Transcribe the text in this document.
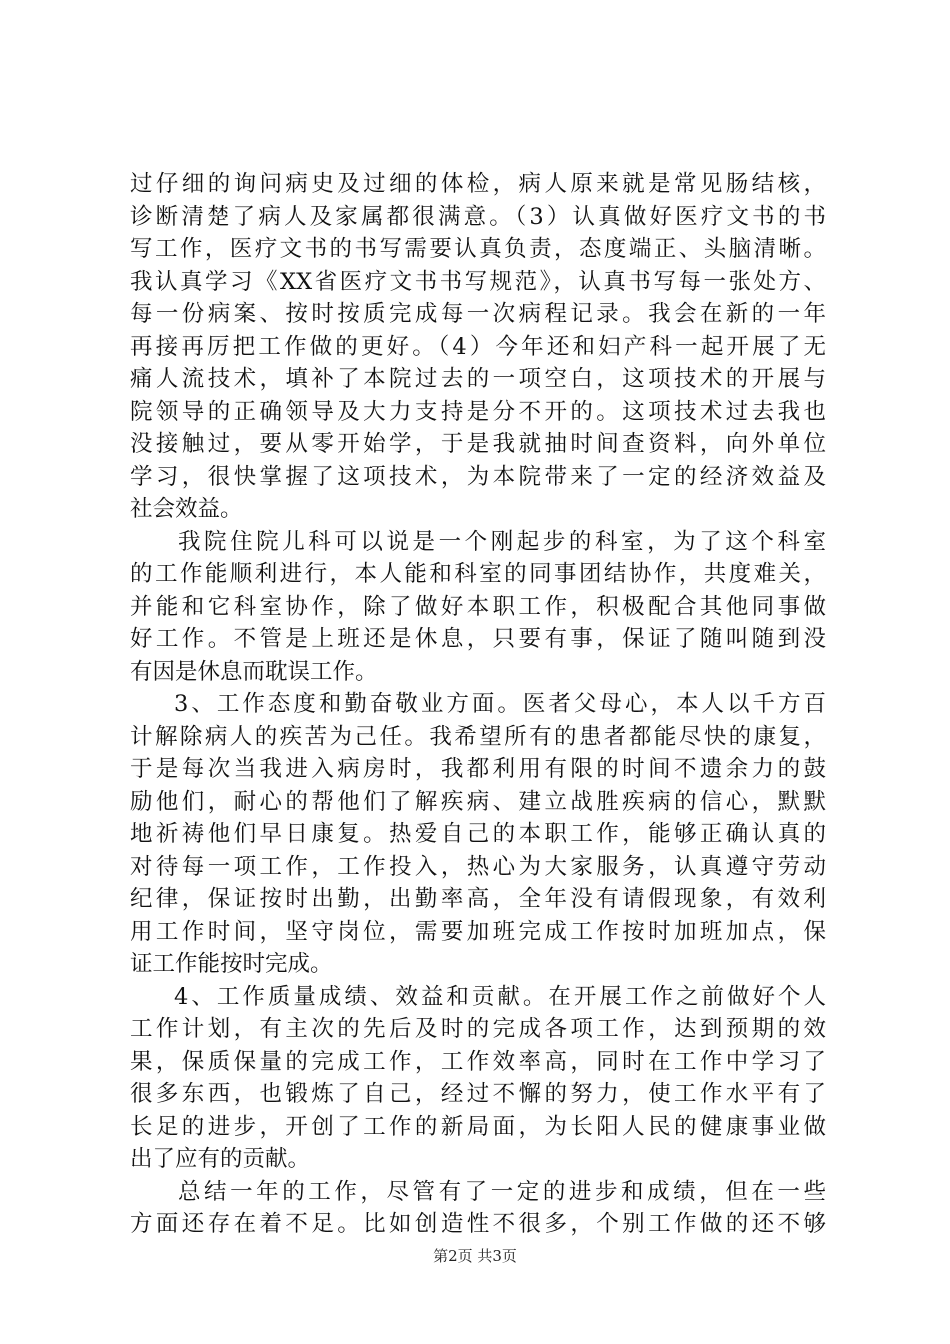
过仔细的询问病史及过细的体检，病人原来就是常见肠结核，
诊断清楚了病人及家属都很满意。（3）认真做好医疗文书的书
写工作，医疗文书的书写需要认真负责，态度端正、头脑清晰。
我认真学习《XX省医疗文书书写规范》，认真书写每一张处方、
每一份病案、按时按质完成每一次病程记录。我会在新的一年
再接再厉把工作做的更好。（4）今年还和妇产科一起开展了无
痛人流技术，填补了本院过去的一项空白，这项技术的开展与
院领导的正确领导及大力支持是分不开的。这项技术过去我也
没接触过，要从零开始学，于是我就抽时间查资料，向外单位
学习，很快掌握了这项技术，为本院带来了一定的经济效益及
社会效益。
我院住院儿科可以说是一个刚起步的科室，为了这个科室
的工作能顺利进行，本人能和科室的同事团结协作，共度难关，
并能和它科室协作，除了做好本职工作，积极配合其他同事做
好工作。不管是上班还是休息，只要有事，保证了随叫随到没
有因是休息而耽误工作。
3、工作态度和勤奋敬业方面。医者父母心，本人以千方百
计解除病人的疾苦为己任。我希望所有的患者都能尽快的康复，
于是每次当我进入病房时，我都利用有限的时间不遗余力的鼓
励他们，耐心的帮他们了解疾病、建立战胜疾病的信心，默默
地祈祷他们早日康复。热爱自己的本职工作，能够正确认真的
对待每一项工作，工作投入，热心为大家服务，认真遵守劳动
纪律，保证按时出勤，出勤率高，全年没有请假现象，有效利
用工作时间，坚守岗位，需要加班完成工作按时加班加点，保
证工作能按时完成。
4、工作质量成绩、效益和贡献。在开展工作之前做好个人
工作计划，有主次的先后及时的完成各项工作，达到预期的效
果，保质保量的完成工作，工作效率高，同时在工作中学习了
很多东西，也锻炼了自己，经过不懈的努力，使工作水平有了
长足的进步，开创了工作的新局面，为长阳人民的健康事业做
出了应有的贡献。
总结一年的工作，尽管有了一定的进步和成绩，但在一些
方面还存在着不足。比如创造性不很多，个别工作做的还不够
第2页 共3页
